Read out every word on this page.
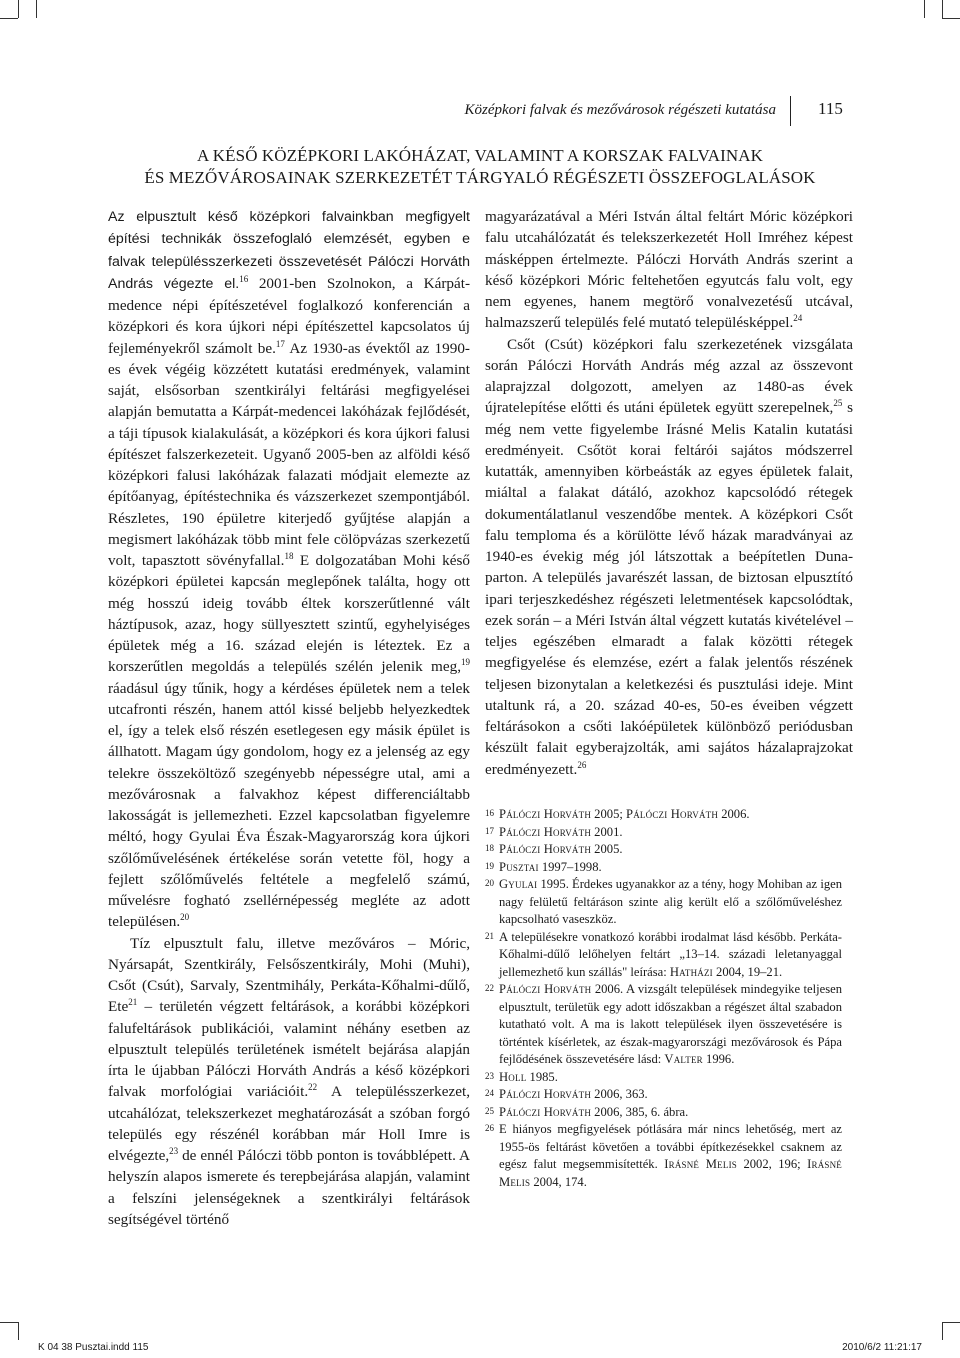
Középkori falvak és mezővárosok régészeti kutatása 115
A KÉSŐ KÖZÉPKORI LAKÓHÁZAT, VALAMINT A KORSZAK FALVAINAK
ÉS MEZŐVÁROSAINAK SZERKEZETÉT TÁRGYALÓ RÉGÉSZETI ÖSSZEFOGLALÁSOK

Az elpusztult késő középkori falvainkban megfigyelt építési technikák összefoglaló elemzését, egyben e falvak településszerkezeti összevetését Pálóczi Horváth András végezte el.$^{16}$ 2001-ben Szolnokon, a Kárpát-medence népi építészetével foglalkozó konferencián a középkori és kora újkori népi építészettel kapcsolatos új fejleményekről számolt be.$^{17}$ Az 1930-as évektől az 1990-es évek végéig közzétett kutatási eredmények, valamint saját, elsősorban szentkirályi feltárási megfigyelései alapján bemutatta a Kárpát-medencei lakóházak fejlődését, a táji típusok kialakulását, a középkori és kora újkori falusi építészet falszerkezeteit. Ugyanő 2005-ben az alföldi késő középkori falusi lakóházak falazati módjait elemezte az építőanyag, építéstechnika és vázszerkezet szempontjából. Részletes, 190 épületre kiterjedő gyűjtése alapján a megismert lakóházak több mint fele cölöpvázas szerkezetű volt, tapasztott sövényfallal.$^{18}$ E dolgozatában Mohi késő középkori épületei kapcsán meglepőnek találta, hogy ott még hosszú ideig tovább éltek korszerűtlenné vált háztípusok, azaz, hogy süllyesztett szintű, egyhelyiséges épületek még a 16. század elején is léteztek. Ez a korszerűtlen megoldás a település szélén jelenik meg,$^{19}$ ráadásul úgy tűnik, hogy a kérdéses épületek nem a telek utcafronti részén, hanem attól kissé beljebb helyezkedtek el, így a telek első részén esetlegesen egy másik épület is állhatott. Magam úgy gondolom, hogy ez a jelenség az egy telekre összeköltöző szegényebb népességre utal, ami a mezővárosnak a falvakhoz képest differenciáltabb lakosságát is jellemezheti. Ezzel kapcsolatban figyelemre méltó, hogy Gyulai Éva Észak-Magyarország kora újkori szőlőművelésének értékelése során vetette föl, hogy a fejlett szőlőművelés feltétele a megfelelő számú, művelésre fogható zsellérnépesség megléte az adott településen.$^{20}$

Tíz elpusztult falu, illetve mezőváros – Móric, Nyársapát, Szentkirály, Felsőszentkirály, Mohi (Muhi), Csőt (Csút), Sarvaly, Szentmihály, Perkáta-Kőhalmi-dűlő, Ete$^{21}$ – területén végzett feltárások, a korábbi középkori falufeltárások publikációi, valamint néhány esetben az elpusztult település területének ismételt bejárása alapján írta le újabban Pálóczi Horváth András a késő középkori falvak morfológiai variációit.$^{22}$ A településszerkezet, utcahálózat, telekszerkezet meghatározását a szóban forgó település egy részénél korábban már Holl Imre is elvégezte,$^{23}$ de ennél Pálóczi több ponton is továbblépett. A helyszín alapos ismerete és terepbejárása alapján, valamint a felszíni jelenségeknek a szentkirályi feltárások segítségével történő

magyarázatával a Méri István által feltárt Móric középkori falu utcahálózatát és telekszerkezetét Holl Imréhez képest másképpen értelmezte. Pálóczi Horváth András szerint a késő középkori Móric feltehetően egyutcás falu volt, egy nem egyenes, hanem megtörő vonalvezetésű utcával, halmazszerű település felé mutató településképpel.$^{24}$

Csőt (Csút) középkori falu szerkezetének vizsgálata során Pálóczi Horváth András még azzal az összevont alaprajzzal dolgozott, amelyen az 1480-as évek újratelepítése előtti és utáni épületek együtt szerepelnek,$^{25}$ s még nem vette figyelembe Irásné Melis Katalin kutatási eredményeit. Csőtöt korai feltárói sajátos módszerrel kutatták, amennyiben körbeásták az egyes épületek falait, miáltal a falakat dátáló, azokhoz kapcsolódó rétegek dokumentálatlanul veszendőbe mentek. A középkori Csőt falu temploma és a körülötte lévő házak maradványai az 1940-es évekig még jól látszottak a beépítetlen Duna-parton. A település javarészét lassan, de biztosan elpusztító ipari terjeszkedéshez régészeti leletmentések kapcsolódtak, ezek során – a Méri István által végzett kutatás kivételével – teljes egészében elmaradt a falak közötti rétegek megfigyelése és elemzése, ezért a falak jelentős részének teljesen bizonytalan a keletkezési és pusztulási ideje. Mint utaltunk rá, a 20. század 40-es, 50-es éveiben végzett feltárásokon a csőti lakóépületek különböző periódusban készült falait egyberajzolták, ami sajátos házalaprajzokat eredményezett.$^{26}$

16 Pálóczi Horváth 2005; Pálóczi Horváth 2006.
17 Pálóczi Horváth 2001.
18 Pálóczi Horváth 2005.
19 Pusztai 1997–1998.
20 Gyulai 1995. Érdekes ugyanakkor az a tény, hogy Mohiban az igen nagy felületű feltáráson szinte alig került elő a szőlőműveléshez kapcsolható vaseszköz.
21 A településekre vonatkozó korábbi irodalmat lásd később. Perkáta-Kőhalmi-dűlő lelőhelyen feltárt „13–14. századi leletanyaggal jellemezhető kun szállás" leírása: Hatházi 2004, 19–21.
22 Pálóczi Horváth 2006. A vizsgált települések mindegyike teljesen elpusztult, területük egy adott időszakban a régészet által szabadon kutatható volt. A ma is lakott települések ilyen összevetésére is történtek kísérletek, az észak-magyarországi mezővárosok és Pápa fejlődésének összevetésére lásd: Valter 1996.
23 Holl 1985.
24 Pálóczi Horváth 2006, 363.
25 Pálóczi Horváth 2006, 385, 6. ábra.
26 E hiányos megfigyelések pótlására már nincs lehetőség, mert az 1955-ös feltárást követően a további építkezésekkel csaknem az egész falut megsemmisítették. Irásné Melis 2002, 196; Irásné Melis 2004, 174.
K 04 38 Pusztai.indd 115	2010/6/2 11:21:17
